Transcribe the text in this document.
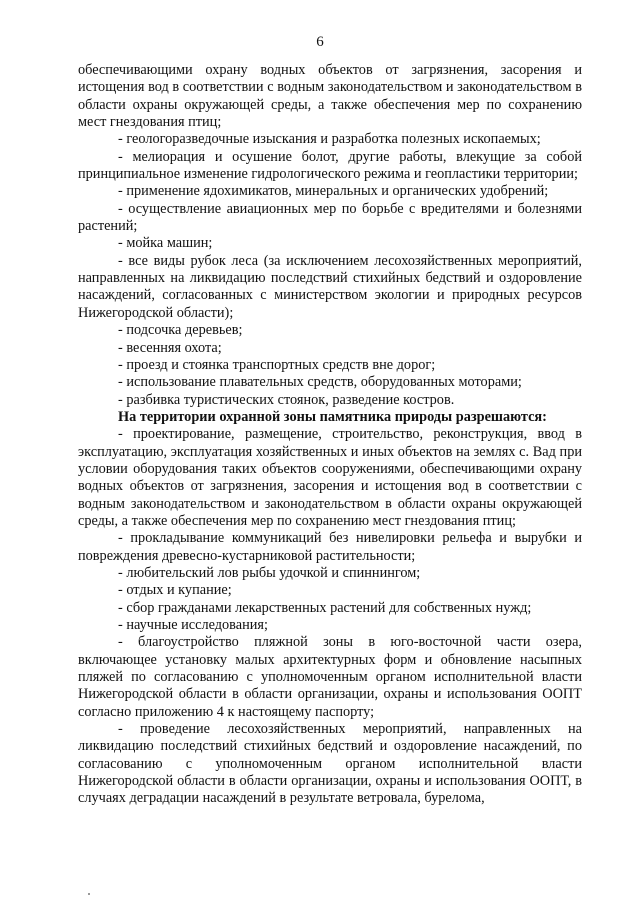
6

обеспечивающими охрану водных объектов от загрязнения, засорения и истощения вод в соответствии с водным законодательством и законодательством в области охраны окружающей среды, а также обеспечения мер по сохранению мест гнездования птиц;

- геологоразведочные изыскания и разработка полезных ископаемых;

- мелиорация и осушение болот, другие работы, влекущие за собой принципиальное изменение гидрологического режима и геопластики территории;

- применение ядохимикатов, минеральных и органических удобрений;

- осуществление авиационных мер по борьбе с вредителями и болезнями растений;

- мойка машин;

- все виды рубок леса (за исключением лесохозяйственных мероприятий, направленных на ликвидацию последствий стихийных бедствий и оздоровление насаждений, согласованных с министерством экологии и природных ресурсов Нижегородской области);

- подсочка деревьев;

- весенняя охота;

- проезд и стоянка транспортных средств вне дорог;

- использование плавательных средств, оборудованных моторами;

- разбивка туристических стоянок, разведение костров.

На территории охранной зоны памятника природы разрешаются:

- проектирование, размещение, строительство, реконструкция, ввод в эксплуатацию, эксплуатация хозяйственных и иных объектов на землях с. Вад при условии оборудования таких объектов сооружениями, обеспечивающими охрану водных объектов от загрязнения, засорения и истощения вод в соответствии с водным законодательством и законодательством в области охраны окружающей среды, а также обеспечения мер по сохранению мест гнездования птиц;

- прокладывание коммуникаций без нивелировки рельефа и вырубки и повреждения древесно-кустарниковой растительности;

- любительский лов рыбы удочкой и спиннингом;

- отдых и купание;

- сбор гражданами лекарственных растений для собственных нужд;

- научные исследования;

- благоустройство пляжной зоны в юго-восточной части озера, включающее установку малых архитектурных форм и обновление насыпных пляжей по согласованию с уполномоченным органом исполнительной власти Нижегородской области в области организации, охраны и использования ООПТ согласно приложению 4 к настоящему паспорту;

- проведение лесохозяйственных мероприятий, направленных на ликвидацию последствий стихийных бедствий и оздоровление насаждений, по согласованию с уполномоченным органом исполнительной власти Нижегородской области в области организации, охраны и использования ООПТ, в случаях деградации насаждений в результате ветровала, бурелома,
